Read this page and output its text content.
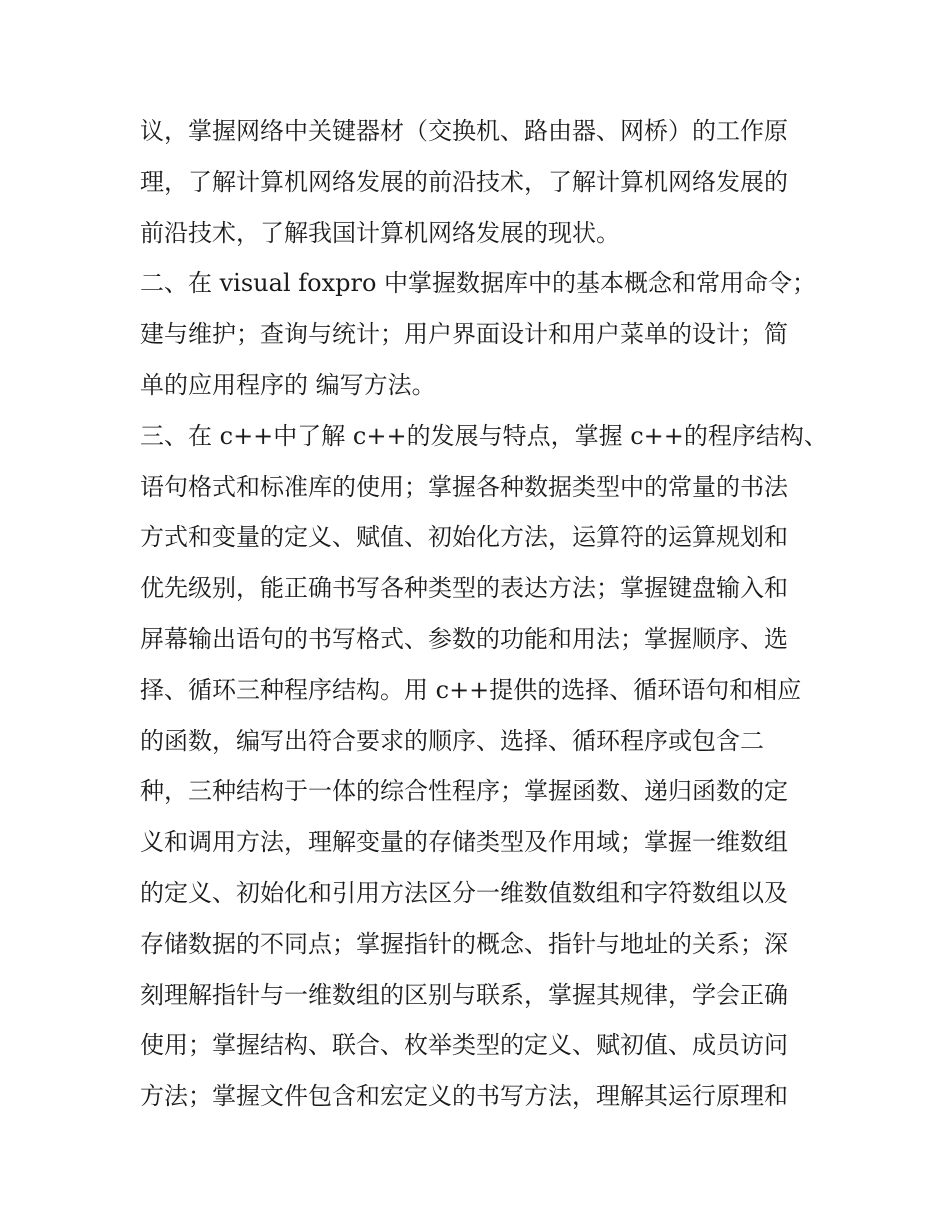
议，掌握网络中关键器材（交换机、路由器、网桥）的工作原
理，了解计算机网络发展的前沿技术，了解计算机网络发展的
前沿技术，了解我国计算机网络发展的现状。
二、在 visual foxpro 中掌握数据库中的基本概念和常用命令；
建与维护；查询与统计；用户界面设计和用户菜单的设计；简
单的应用程序的 编写方法。
三、在 c++中了解 c++的发展与特点，掌握 c++的程序结构、
语句格式和标准库的使用；掌握各种数据类型中的常量的书法
方式和变量的定义、赋值、初始化方法，运算符的运算规划和
优先级别，能正确书写各种类型的表达方法；掌握键盘输入和
屏幕输出语句的书写格式、参数的功能和用法；掌握顺序、选
择、循环三种程序结构。用 c++提供的选择、循环语句和相应
的函数，编写出符合要求的顺序、选择、循环程序或包含二
种，三种结构于一体的综合性程序；掌握函数、递归函数的定
义和调用方法，理解变量的存储类型及作用域；掌握一维数组
的定义、初始化和引用方法区分一维数值数组和字符数组以及
存储数据的不同点；掌握指针的概念、指针与地址的关系；深
刻理解指针与一维数组的区别与联系，掌握其规律，学会正确
使用；掌握结构、联合、枚举类型的定义、赋初值、成员访问
方法；掌握文件包含和宏定义的书写方法，理解其运行原理和
